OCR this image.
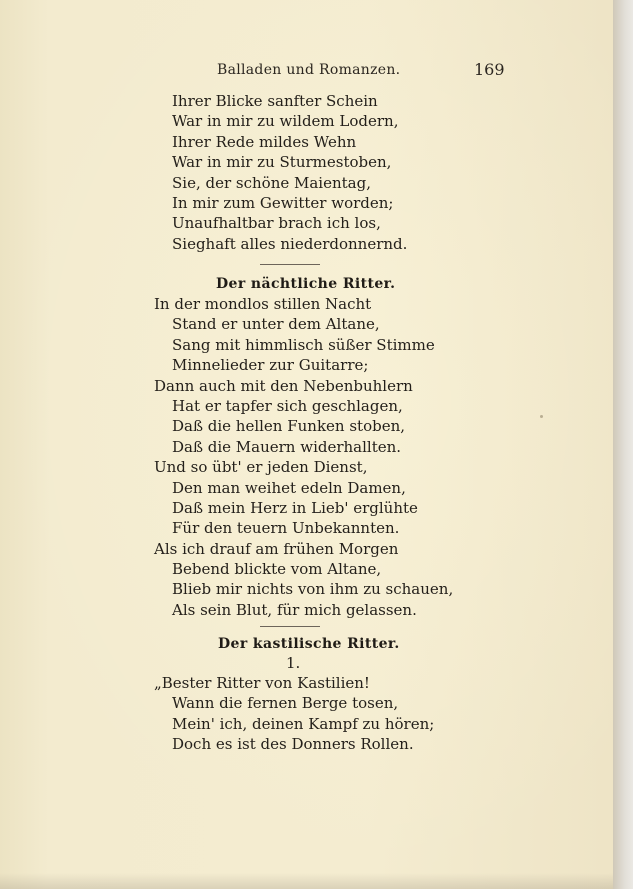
Balladen und Romanzen.	169
Ihrer Blicke sanfter Schein
War in mir zu wildem Lodern,
Ihrer Rede mildes Wehn
War in mir zu Sturmestoben,
Sie, der schöne Maientag,
In mir zum Gewitter worden;
Unaufhaltbar brach ich los,
Sieghaft alles niederdonnernd.
Der nächtliche Ritter.
In der mondlos stillen Nacht
Stand er unter dem Altane,
Sang mit himmlisch süßer Stimme
Minnelieder zur Guitarre;
Dann auch mit den Nebenbuhlern
Hat er tapfer sich geschlagen,
Daß die hellen Funken stoben,
Daß die Mauern widerhallten.
Und so übt' er jeden Dienst,
Den man weihet edeln Damen,
Daß mein Herz in Lieb' erglühte
Für den teuern Unbekannten.
Als ich drauf am frühen Morgen
Bebend blickte vom Altane,
Blieb mir nichts von ihm zu schauen,
Als sein Blut, für mich gelassen.
Der kastilische Ritter.
1.
„Bester Ritter von Kastilien!
Wann die fernen Berge tosen,
Mein' ich, deinen Kampf zu hören;
Doch es ist des Donners Rollen.
